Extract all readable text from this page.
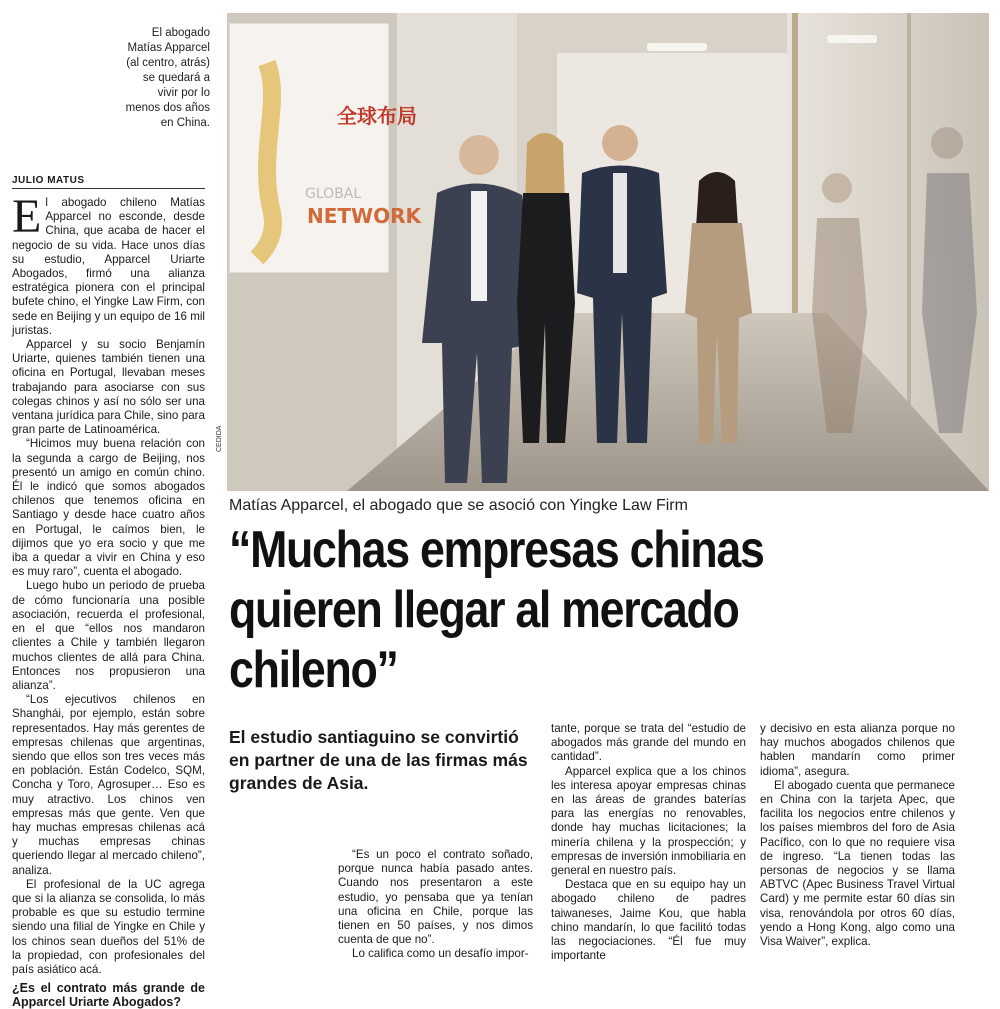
El abogado Matías Apparcel (al centro, atrás) se quedará a vivir por lo menos dos años en China.
JULIO MATUS

El abogado chileno Matías Apparcel no esconde, desde China, que acaba de hacer el negocio de su vida. Hace unos días su estudio, Apparcel Uriarte Abogados, firmó una alianza estratégica pionera con el principal bufete chino, el Yingke Law Firm, con sede en Beijing y un equipo de 16 mil juristas.

Apparcel y su socio Benjamín Uriarte, quienes también tienen una oficina en Portugal, llevaban meses trabajando para asociarse con sus colegas chinos y así no sólo ser una ventana jurídica para Chile, sino para gran parte de Latinoamérica.

“Hicimos muy buena relación con la segunda a cargo de Beijing, nos presentó un amigo en común chino. Él le indicó que somos abogados chilenos que tenemos oficina en Santiago y desde hace cuatro años en Portugal, le caímos bien, le dijimos que yo era socio y que me iba a quedar a vivir en China y eso es muy raro”, cuenta el abogado.

Luego hubo un periodo de prueba de cómo funcionaría una posible asociación, recuerda el profesional, en el que “ellos nos mandaron clientes a Chile y también llegaron muchos clientes de allá para China. Entonces nos propusieron una alianza”.

“Los ejecutivos chilenos en Shanghái, por ejemplo, están sobre representados. Hay más gerentes de empresas chilenas que argentinas, siendo que ellos son tres veces más en población. Están Codelco, SQM, Concha y Toro, Agrosuper… Eso es muy atractivo. Los chinos ven empresas más que gente. Ven que hay muchas empresas chilenas acá y muchas empresas chinas queriendo llegar al mercado chileno”, analiza.

El profesional de la UC agrega que si la alianza se consolida, lo más probable es que su estudio termine siendo una filial de Yingke en Chile y los chinos sean dueños del 51% de la propiedad, con profesionales del país asiático acá.

¿Es el contrato más grande de Apparcel Uriarte Abogados?

全球布局
GLOBAL
NETWORK
CEDIDA
Matías Apparcel, el abogado que se asoció con Yingke Law Firm
“Muchas empresas chinas quieren llegar al mercado chileno”
El estudio santiaguino se convirtió en partner de una de las firmas más grandes de Asia.

“Es un poco el contrato soñado, porque nunca había pasado antes. Cuando nos presentaron a este estudio, yo pensaba que ya tenían una oficina en Chile, porque las tienen en 50 países, y nos dimos cuenta de que no”.

Lo califica como un desafío impor-

tante, porque se trata del “estudio de abogados más grande del mundo en cantidad”.

Apparcel explica que a los chinos les interesa apoyar empresas chinas en las áreas de grandes baterías para las energías no renovables, donde hay muchas licitaciones; la minería chilena y la prospección; y empresas de inversión inmobiliaria en general en nuestro país.

Destaca que en su equipo hay un abogado chileno de padres taiwaneses, Jaime Kou, que habla chino mandarín, lo que facilitó todas las negociaciones. “Él fue muy importante

y decisivo en esta alianza porque no hay muchos abogados chilenos que hablen mandarín como primer idioma”, asegura.

El abogado cuenta que permanece en China con la tarjeta Apec, que facilita los negocios entre chilenos y los países miembros del foro de Asia Pacífico, con lo que no requiere visa de ingreso. “La tienen todas las personas de negocios y se llama ABTVC (Apec Business Travel Virtual Card) y me permite estar 60 días sin visa, renovándola por otros 60 días, yendo a Hong Kong, algo como una Visa Waiver”, explica.
